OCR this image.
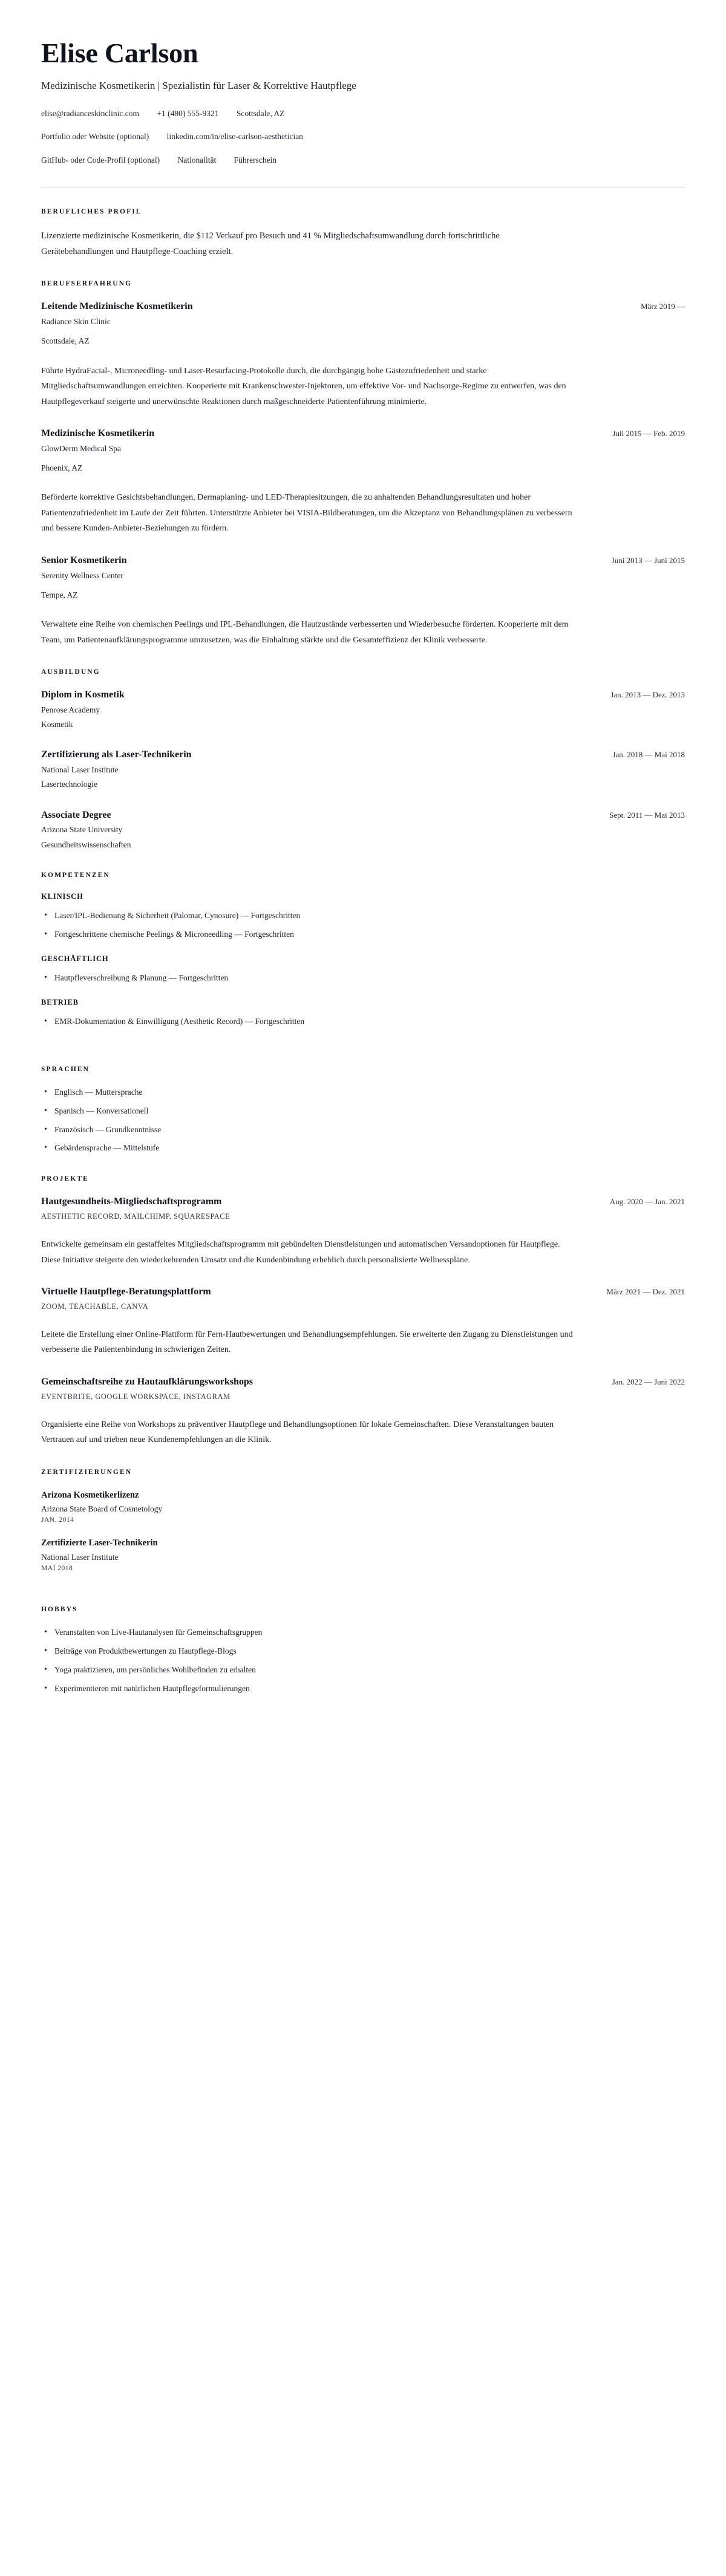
Elise Carlson

Medizinische Kosmetikerin | Spezialistin für Laser & Korrektive Hautpflege

elise@radianceskinclinic.com +1 (480) 555-9321 Scottsdale, AZ
Portfolio oder Website (optional) linkedin.com/in/elise-carlson-aesthetician
GitHub- oder Code-Profil (optional) Nationalität Führerschein
BERUFLICHES PROFIL

Lizenzierte medizinische Kosmetikerin, die $112 Verkauf pro Besuch und 41 % Mitgliedschaftsumwandlung durch fortschrittliche Gerätebehandlungen und Hautpflege-Coaching erzielt.

BERUFSERFAHRUNG
Leitende Medizinische Kosmetikerin	März 2019 —

Radiance Skin Clinic

Scottsdale, AZ

Führte HydraFacial-, Microneedling- und Laser-Resurfacing-Protokolle durch, die durchgängig hohe Gästezufriedenheit und starke Mitgliedschaftsumwandlungen erreichten. Kooperierte mit Krankenschwester-Injektoren, um effektive Vor- und Nachsorge-Regime zu entwerfen, was den Hautpflegeverkauf steigerte und unerwünschte Reaktionen durch maßgeschneiderte Patientenführung minimierte.

Medizinische Kosmetikerin	Juli 2015 — Feb. 2019

GlowDerm Medical Spa

Phoenix, AZ

Beförderte korrektive Gesichtsbehandlungen, Dermaplaning- und LED-Therapiesitzungen, die zu anhaltenden Behandlungsresultaten und hoher Patientenzufriedenheit im Laufe der Zeit führten. Unterstützte Anbieter bei VISIA-Bildberatungen, um die Akzeptanz von Behandlungsplänen zu verbessern und bessere Kunden-Anbieter-Beziehungen zu fördern.

Senior Kosmetikerin	Juni 2013 — Juni 2015

Serenity Wellness Center

Tempe, AZ

Verwaltete eine Reihe von chemischen Peelings und IPL-Behandlungen, die Hautzustände verbesserten und Wiederbesuche förderten. Kooperierte mit dem Team, um Patientenaufklärungsprogramme umzusetzen, was die Einhaltung stärkte und die Gesamteffizienz der Klinik verbesserte.

AUSBILDUNG
Diplom in Kosmetik	Jan. 2013 — Dez. 2013

Penrose Academy

Kosmetik

Zertifizierung als Laser-Technikerin	Jan. 2018 — Mai 2018

National Laser Institute

Lasertechnologie

Associate Degree	Sept. 2011 — Mai 2013

Arizona State University

Gesundheitswissenschaften

KOMPETENZEN
KLINISCH
• Laser/IPL-Bedienung & Sicherheit (Palomar, Cynosure) — Fortgeschritten
• Fortgeschrittene chemische Peelings & Microneedling — Fortgeschritten
GESCHÄFTLICH
• Hautpfleverschreibung & Planung — Fortgeschritten
BETRIEB
• EMR-Dokumentation & Einwilligung (Aesthetic Record) — Fortgeschritten
SPRACHEN
• Englisch — Muttersprache
• Spanisch — Konversationell
• Französisch — Grundkenntnisse
• Gebärdensprache — Mittelstufe
PROJEKTE
Hautgesundheits-Mitgliedschaftsprogramm	Aug. 2020 — Jan. 2021

AESTHETIC RECORD, MAILCHIMP, SQUARESPACE

Entwickelte gemeinsam ein gestaffeltes Mitgliedschaftsprogramm mit gebündelten Dienstleistungen und automatischen Versandoptionen für Hautpflege. Diese Initiative steigerte den wiederkehrenden Umsatz und die Kundenbindung erheblich durch personalisierte Wellnesspläne.

Virtuelle Hautpflege-Beratungsplattform	März 2021 — Dez. 2021

ZOOM, TEACHABLE, CANVA

Leitete die Erstellung einer Online-Plattform für Fern-Hautbewertungen und Behandlungsempfehlungen. Sie erweiterte den Zugang zu Dienstleistungen und verbesserte die Patientenbindung in schwierigen Zeiten.

Gemeinschaftsreihe zu Hautaufklärungsworkshops	Jan. 2022 — Juni 2022

EVENTBRITE, GOOGLE WORKSPACE, INSTAGRAM

Organisierte eine Reihe von Workshops zu präventiver Hautpflege und Behandlungsoptionen für lokale Gemeinschaften. Diese Veranstaltungen bauten Vertrauen auf und trieben neue Kundenempfehlungen an die Klinik.

ZERTIFIZIERUNGEN

Arizona Kosmetikerlizenz

Arizona State Board of Cosmetology

JAN. 2014

Zertifizierte Laser-Technikerin

National Laser Institute

MAI 2018

HOBBYS
• Veranstalten von Live-Hautanalysen für Gemeinschaftsgruppen
• Beiträge von Produktbewertungen zu Hautpflege-Blogs
• Yoga praktizieren, um persönliches Wohlbefinden zu erhalten
• Experimentieren mit natürlichen Hautpflegeformulierungen
